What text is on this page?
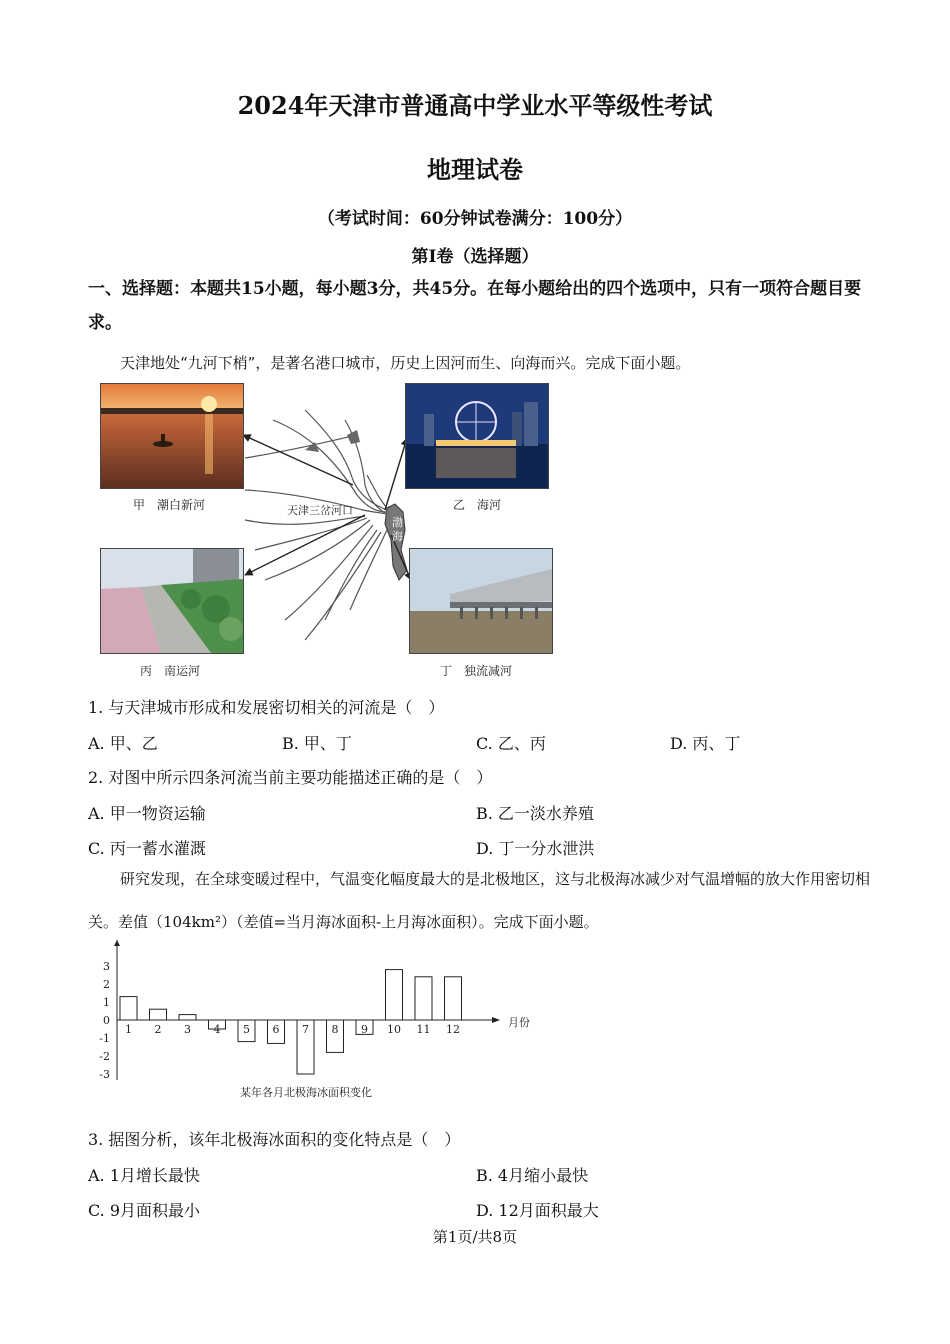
2024年天津市普通高中学业水平等级性考试
地理试卷
（考试时间：60分钟试卷满分：100分）
第Ⅰ卷（选择题）
一、选择题：本题共15小题，每小题3分，共45分。在每小题给出的四个选项中，只有一项符合题目要求。
天津地处“九河下梢”，是著名港口城市，历史上因河而生、向海而兴。完成下面小题。
天津三岔河口
渤
海
甲　潮白新河	乙　海河
丙　南运河	丁　独流减河
1. 与天津城市形成和发展密切相关的河流是（　）
A. 甲、乙	B. 甲、丁	C. 乙、丙	D. 丙、丁
2. 对图中所示四条河流当前主要功能描述正确的是（　）
A. 甲一物资运输	B. 乙一淡水养殖
C. 丙一蓄水灌溉	D. 丁一分水泄洪
研究发现，在全球变暖过程中，气温变化幅度最大的是北极地区，这与北极海冰减少对气温增幅的放大作用密切相关。差值（104km²）（差值=当月海冰面积-上月海冰面积）。完成下面小题。
3
2
1
0
-1
-2
-3
1 2 3 4 5 6 7 8 9 10 11 12
月份
某年各月北极海冰面积变化
3. 据图分析，该年北极海冰面积的变化特点是（　）
A. 1月增长最快	B. 4月缩小最快
C. 9月面积最小	D. 12月面积最大
第1页/共8页
